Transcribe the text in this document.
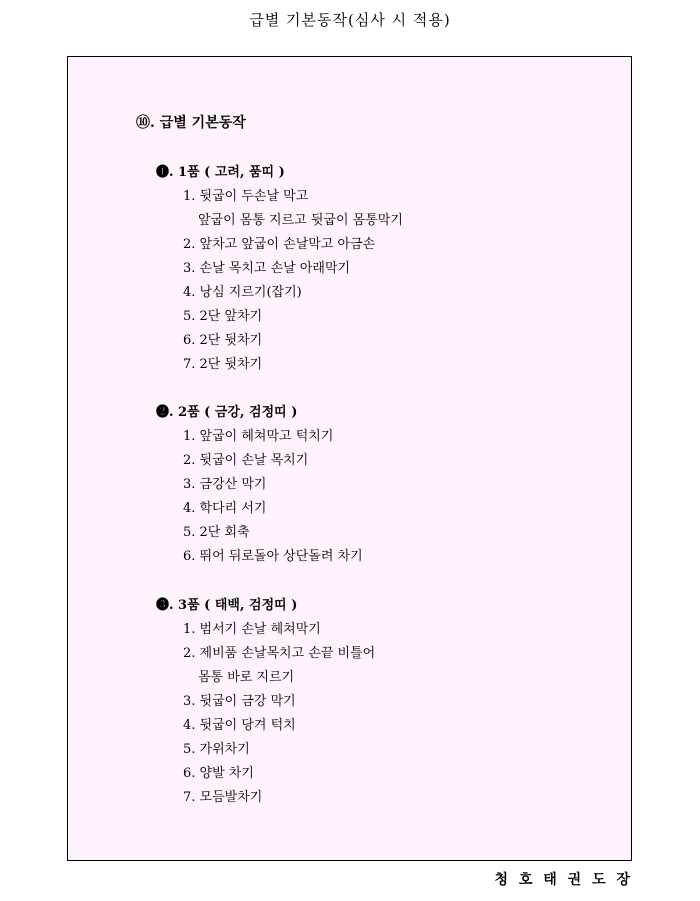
급별 기본동작(심사 시 적용)
⑩. 급별 기본동작
❶. 1품 ( 고려, 품띠 )
1. 뒷굽이 두손날 막고
앞굽이 몸통 지르고 뒷굽이 몸통막기
2. 앞차고 앞굽이 손날막고 아금손
3. 손날 목치고 손날 아래막기
4. 낭심 지르기(잡기)
5. 2단 앞차기
6. 2단 뒷차기
7. 2단 뒷차기
❷. 2품 ( 금강, 검정띠 )
1. 앞굽이 헤쳐막고 턱치기
2. 뒷굽이 손날 목치기
3. 금강산 막기
4. 학다리 서기
5. 2단 회축
6. 뛰어 뒤로돌아 상단돌려 차기
❸. 3품 ( 태백, 검정띠 )
1. 범서기 손날 헤쳐막기
2. 제비품 손날목치고 손끝 비틀어
몸통 바로 지르기
3. 뒷굽이 금강 막기
4. 뒷굽이 당겨 턱치
5. 가위차기
6. 양발 차기
7. 모듬발차기
청 호 태 권 도 장
